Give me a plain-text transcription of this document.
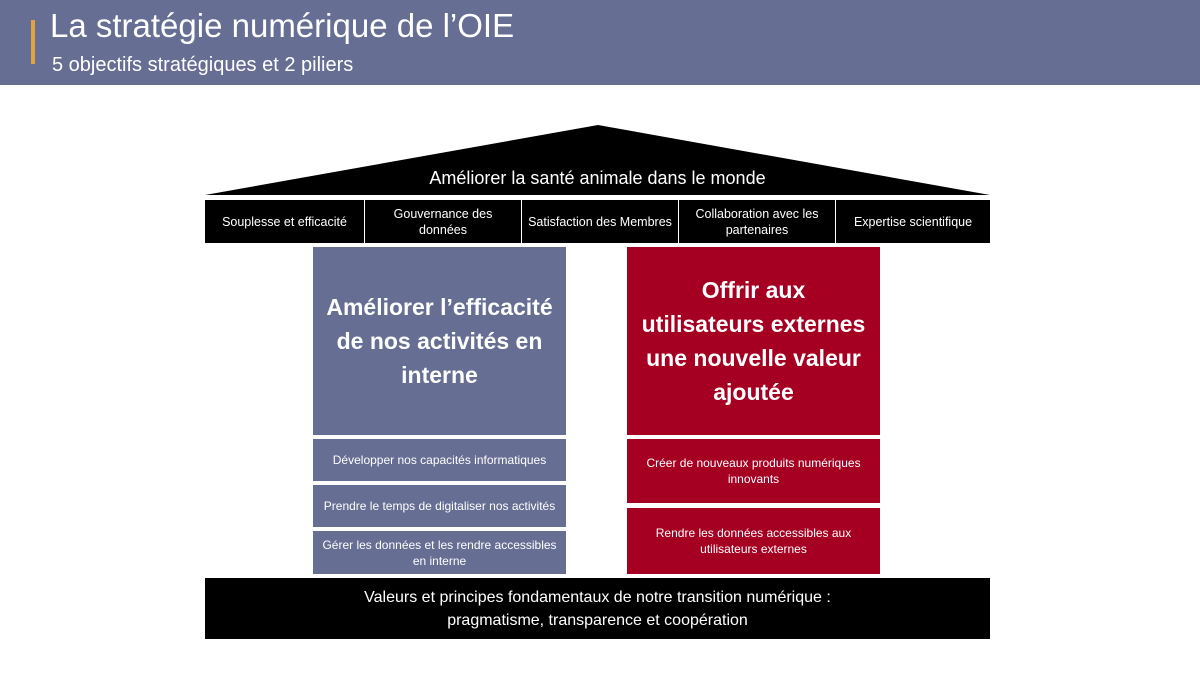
La stratégie numérique de l’OIE
5 objectifs stratégiques et 2 piliers
Améliorer la santé animale dans le monde
Souplesse et efficacité
Gouvernance des données
Satisfaction des Membres
Collaboration avec les partenaires
Expertise scientifique
Améliorer l’efficacité de nos activités en interne
Développer nos capacités informatiques
Prendre le temps de digitaliser nos activités
Gérer les données et les rendre accessibles en interne
Offrir aux utilisateurs externes une nouvelle valeur ajoutée
Créer de nouveaux produits numériques innovants
Rendre les données accessibles aux utilisateurs externes
Valeurs et principes fondamentaux de notre transition numérique :
pragmatisme, transparence et coopération
